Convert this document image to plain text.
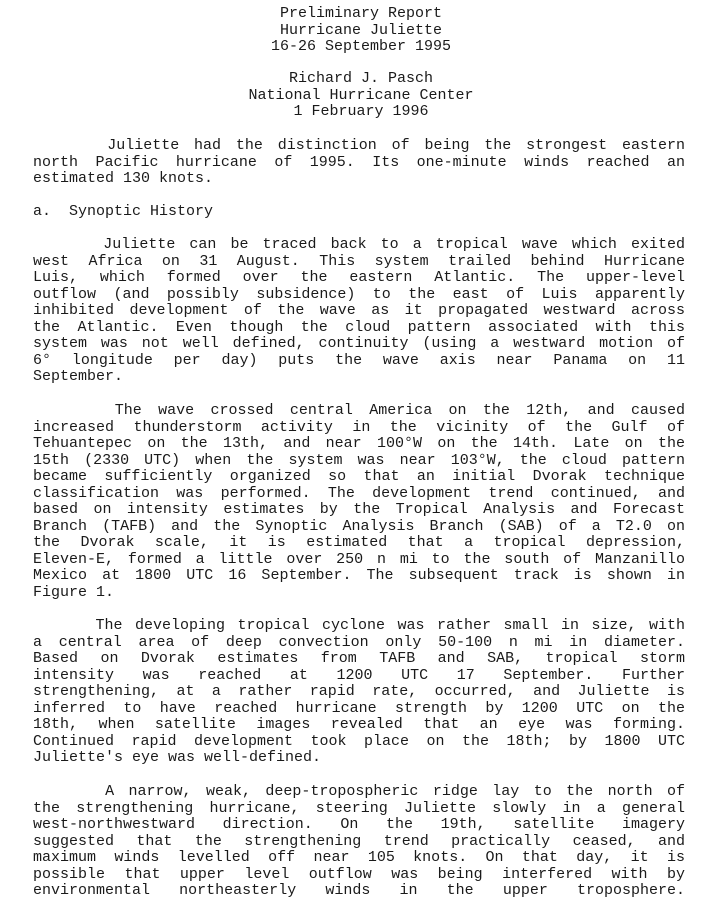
Preliminary Report
Hurricane Juliette
16-26 September 1995
Richard J. Pasch
National Hurricane Center
1 February 1996
Juliette had the distinction of being the strongest eastern
north Pacific hurricane of 1995. Its one-minute winds reached an
estimated 130 knots.
a.  Synoptic History
Juliette can be traced back to a tropical wave which exited
west Africa on 31 August. This system trailed behind Hurricane
Luis, which formed over the eastern Atlantic. The upper-level
outflow (and possibly subsidence) to the east of Luis apparently
inhibited development of the wave as it propagated westward across
the Atlantic. Even though the cloud pattern associated with this
system was not well defined, continuity (using a westward motion of
6° longitude per day) puts the wave axis near Panama on 11
September.
The wave crossed central America on the 12th, and caused
increased thunderstorm activity in the vicinity of the Gulf of
Tehuantepec on the 13th, and near 100°W on the 14th. Late on the
15th (2330 UTC) when the system was near 103°W, the cloud pattern
became sufficiently organized so that an initial Dvorak technique
classification was performed. The development trend continued, and
based on intensity estimates by the Tropical Analysis and Forecast
Branch (TAFB) and the Synoptic Analysis Branch (SAB) of a T2.0 on
the Dvorak scale, it is estimated that a tropical depression,
Eleven-E, formed a little over 250 n mi to the south of Manzanillo
Mexico at 1800 UTC 16 September. The subsequent track is shown in
Figure 1.
The developing tropical cyclone was rather small in size, with
a central area of deep convection only 50-100 n mi in diameter.
Based on Dvorak estimates from TAFB and SAB, tropical storm
intensity was reached at 1200 UTC 17 September. Further
strengthening, at a rather rapid rate, occurred, and Juliette is
inferred to have reached hurricane strength by 1200 UTC on the
18th, when satellite images revealed that an eye was forming.
Continued rapid development took place on the 18th; by 1800 UTC
Juliette's eye was well-defined.
A narrow, weak, deep-tropospheric ridge lay to the north of
the strengthening hurricane, steering Juliette slowly in a general
west-northwestward direction. On the 19th, satellite imagery
suggested that the strengthening trend practically ceased, and
maximum winds levelled off near 105 knots. On that day, it is
possible that upper level outflow was being interfered with by
environmental northeasterly winds in the upper troposphere.
